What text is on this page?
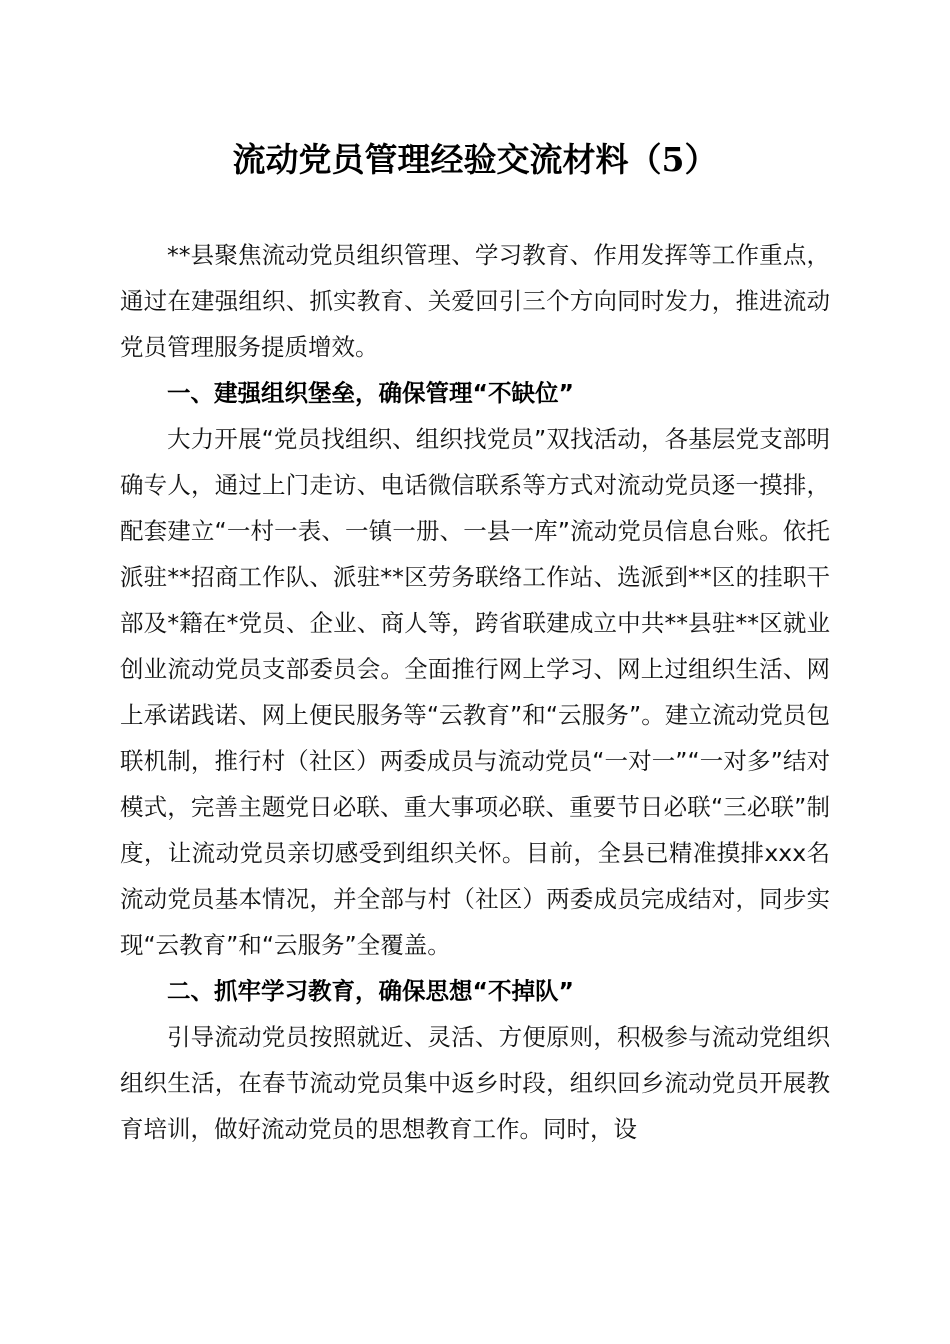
流动党员管理经验交流材料（5）

**县聚焦流动党员组织管理、学习教育、作用发挥等工作重点，通过在建强组织、抓实教育、关爱回引三个方向同时发力，推进流动党员管理服务提质增效。

一、建强组织堡垒，确保管理“不缺位”

大力开展“党员找组织、组织找党员”双找活动，各基层党支部明确专人，通过上门走访、电话微信联系等方式对流动党员逐一摸排，配套建立“一村一表、一镇一册、一县一库”流动党员信息台账。依托派驻**招商工作队、派驻**区劳务联络工作站、选派到**区的挂职干部及*籍在*党员、企业、商人等，跨省联建成立中共**县驻**区就业创业流动党员支部委员会。全面推行网上学习、网上过组织生活、网上承诺践诺、网上便民服务等“云教育”和“云服务”。建立流动党员包联机制，推行村（社区）两委成员与流动党员“一对一”“一对多”结对模式，完善主题党日必联、重大事项必联、重要节日必联“三必联”制度，让流动党员亲切感受到组织关怀。目前，全县已精准摸排xxx名流动党员基本情况，并全部与村（社区）两委成员完成结对，同步实现“云教育”和“云服务”全覆盖。

二、抓牢学习教育，确保思想“不掉队”

引导流动党员按照就近、灵活、方便原则，积极参与流动党组织组织生活，在春节流动党员集中返乡时段，组织回乡流动党员开展教育培训，做好流动党员的思想教育工作。同时，设
